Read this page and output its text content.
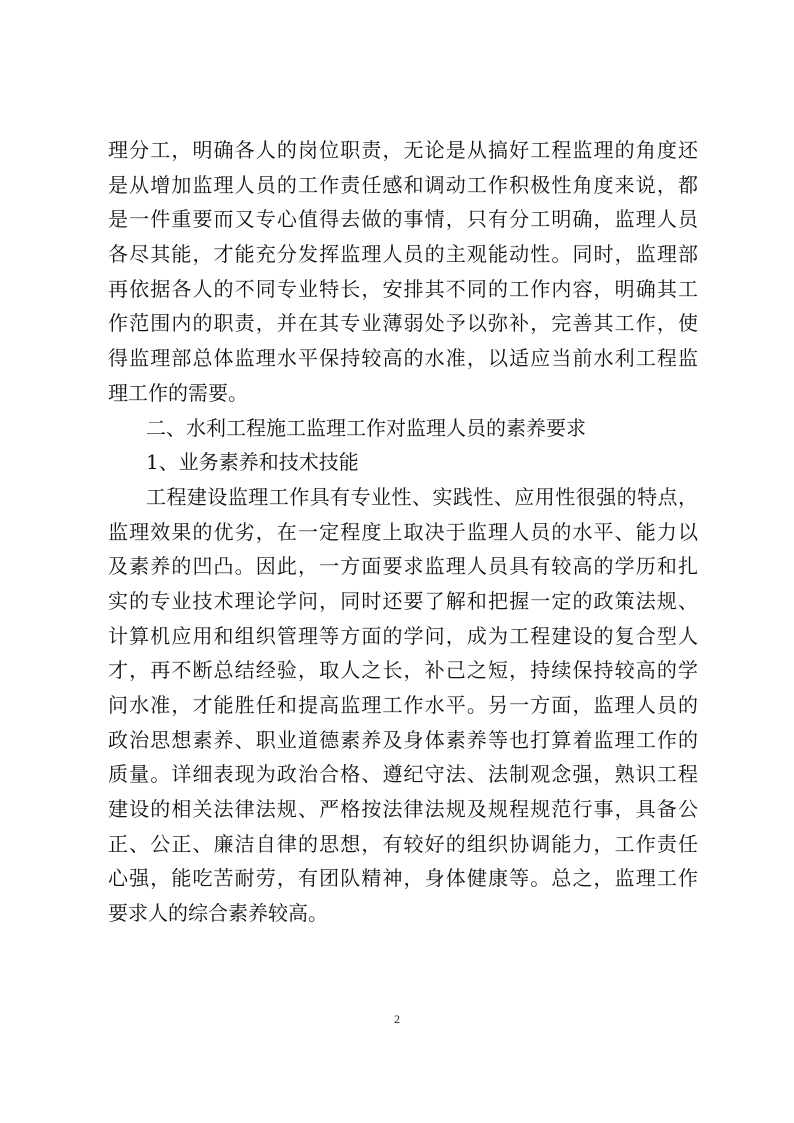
理分工，明确各人的岗位职责，无论是从搞好工程监理的角度还
是从增加监理人员的工作责任感和调动工作积极性角度来说，都
是一件重要而又专心值得去做的事情，只有分工明确，监理人员
各尽其能，才能充分发挥监理人员的主观能动性。同时，监理部
再依据各人的不同专业特长，安排其不同的工作内容，明确其工
作范围内的职责，并在其专业薄弱处予以弥补，完善其工作，使
得监理部总体监理水平保持较高的水准，以适应当前水利工程监
理工作的需要。
二、水利工程施工监理工作对监理人员的素养要求
1、业务素养和技术技能
工程建设监理工作具有专业性、实践性、应用性很强的特点，
监理效果的优劣，在一定程度上取决于监理人员的水平、能力以
及素养的凹凸。因此，一方面要求监理人员具有较高的学历和扎
实的专业技术理论学问，同时还要了解和把握一定的政策法规、
计算机应用和组织管理等方面的学问，成为工程建设的复合型人
才，再不断总结经验，取人之长，补己之短，持续保持较高的学
问水准，才能胜任和提高监理工作水平。另一方面，监理人员的
政治思想素养、职业道德素养及身体素养等也打算着监理工作的
质量。详细表现为政治合格、遵纪守法、法制观念强，熟识工程
建设的相关法律法规、严格按法律法规及规程规范行事，具备公
正、公正、廉洁自律的思想，有较好的组织协调能力，工作责任
心强，能吃苦耐劳，有团队精神，身体健康等。总之，监理工作
要求人的综合素养较高。
2
